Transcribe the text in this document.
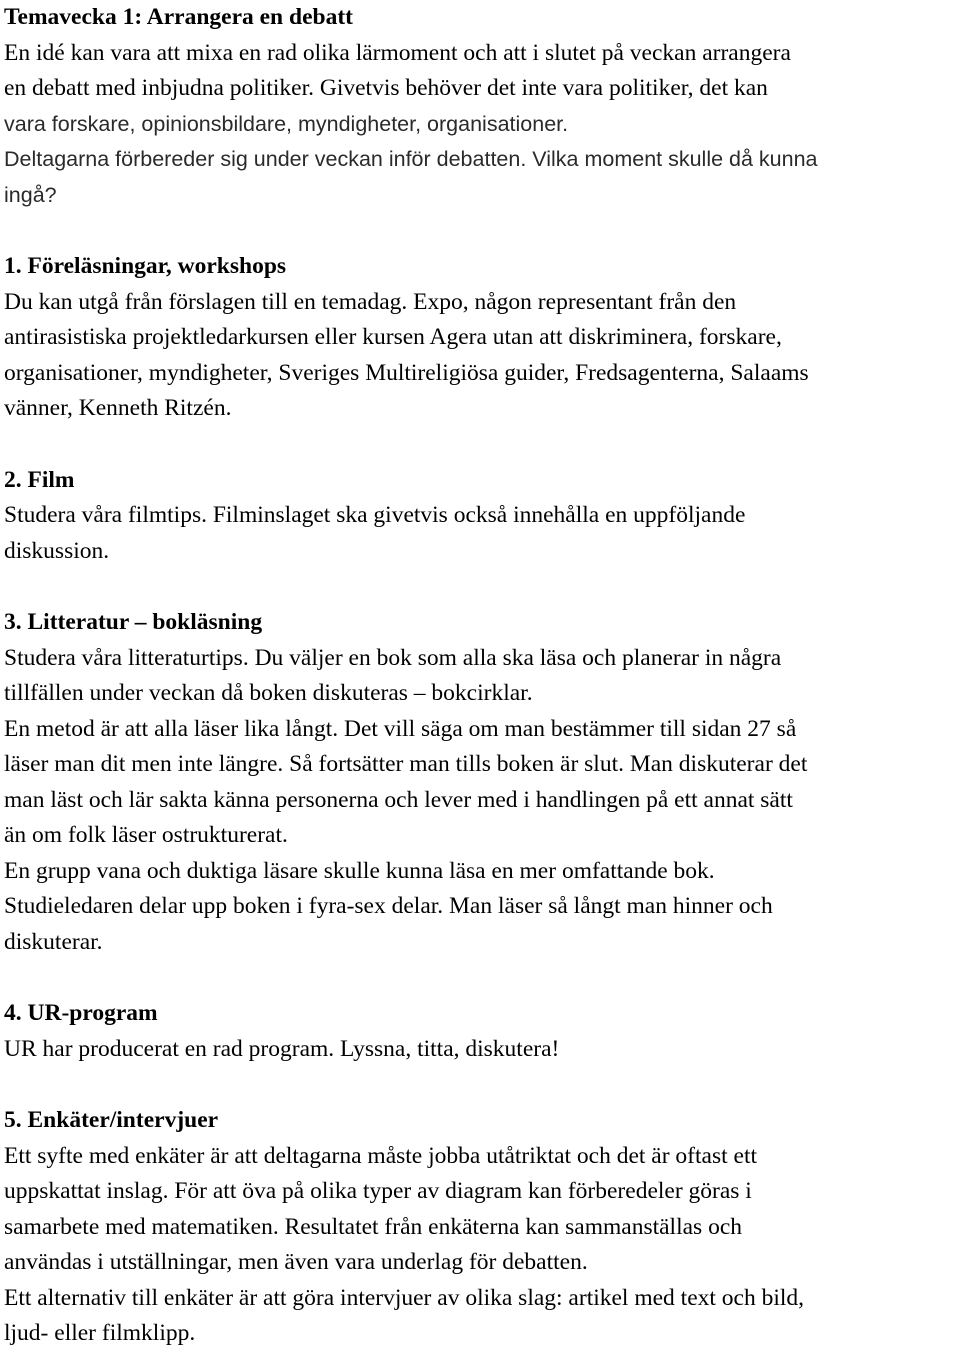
Temavecka 1: Arrangera en debatt

En idé kan vara att mixa en rad olika lärmoment och att i slutet på veckan arrangera

en debatt med inbjudna politiker. Givetvis behöver det inte vara politiker, det kan

vara forskare, opinionsbildare, myndigheter, organisationer.

Deltagarna förbereder sig under veckan inför debatten. Vilka moment skulle då kunna

ingå?

1. Föreläsningar, workshops

Du kan utgå från förslagen till en temadag. Expo, någon representant från den

antirasistiska projektledarkursen eller kursen Agera utan att diskriminera, forskare,

organisationer, myndigheter, Sveriges Multireligiösa guider, Fredsagenterna, Salaams

vänner, Kenneth Ritzén.

2. Film

Studera våra filmtips. Filminslaget ska givetvis också innehålla en uppföljande

diskussion.

3. Litteratur – bokläsning

Studera våra litteraturtips. Du väljer en bok som alla ska läsa och planerar in några

tillfällen under veckan då boken diskuteras – bokcirklar.

En metod är att alla läser lika långt. Det vill säga om man bestämmer till sidan 27 så

läser man dit men inte längre. Så fortsätter man tills boken är slut. Man diskuterar det

man läst och lär sakta känna personerna och lever med i handlingen på ett annat sätt

än om folk läser ostrukturerat.

En grupp vana och duktiga läsare skulle kunna läsa en mer omfattande bok.

Studieledaren delar upp boken i fyra-sex delar. Man läser så långt man hinner och

diskuterar.

4. UR-program

UR har producerat en rad program. Lyssna, titta, diskutera!

5. Enkäter/intervjuer

Ett syfte med enkäter är att deltagarna måste jobba utåtriktat och det är oftast ett

uppskattat inslag. För att öva på olika typer av diagram kan förberedeler göras i

samarbete med matematiken. Resultatet från enkäterna kan sammanställas och

användas i utställningar, men även vara underlag för debatten.

Ett alternativ till enkäter är att göra intervjuer av olika slag: artikel med text och bild,

ljud- eller filmklipp.
